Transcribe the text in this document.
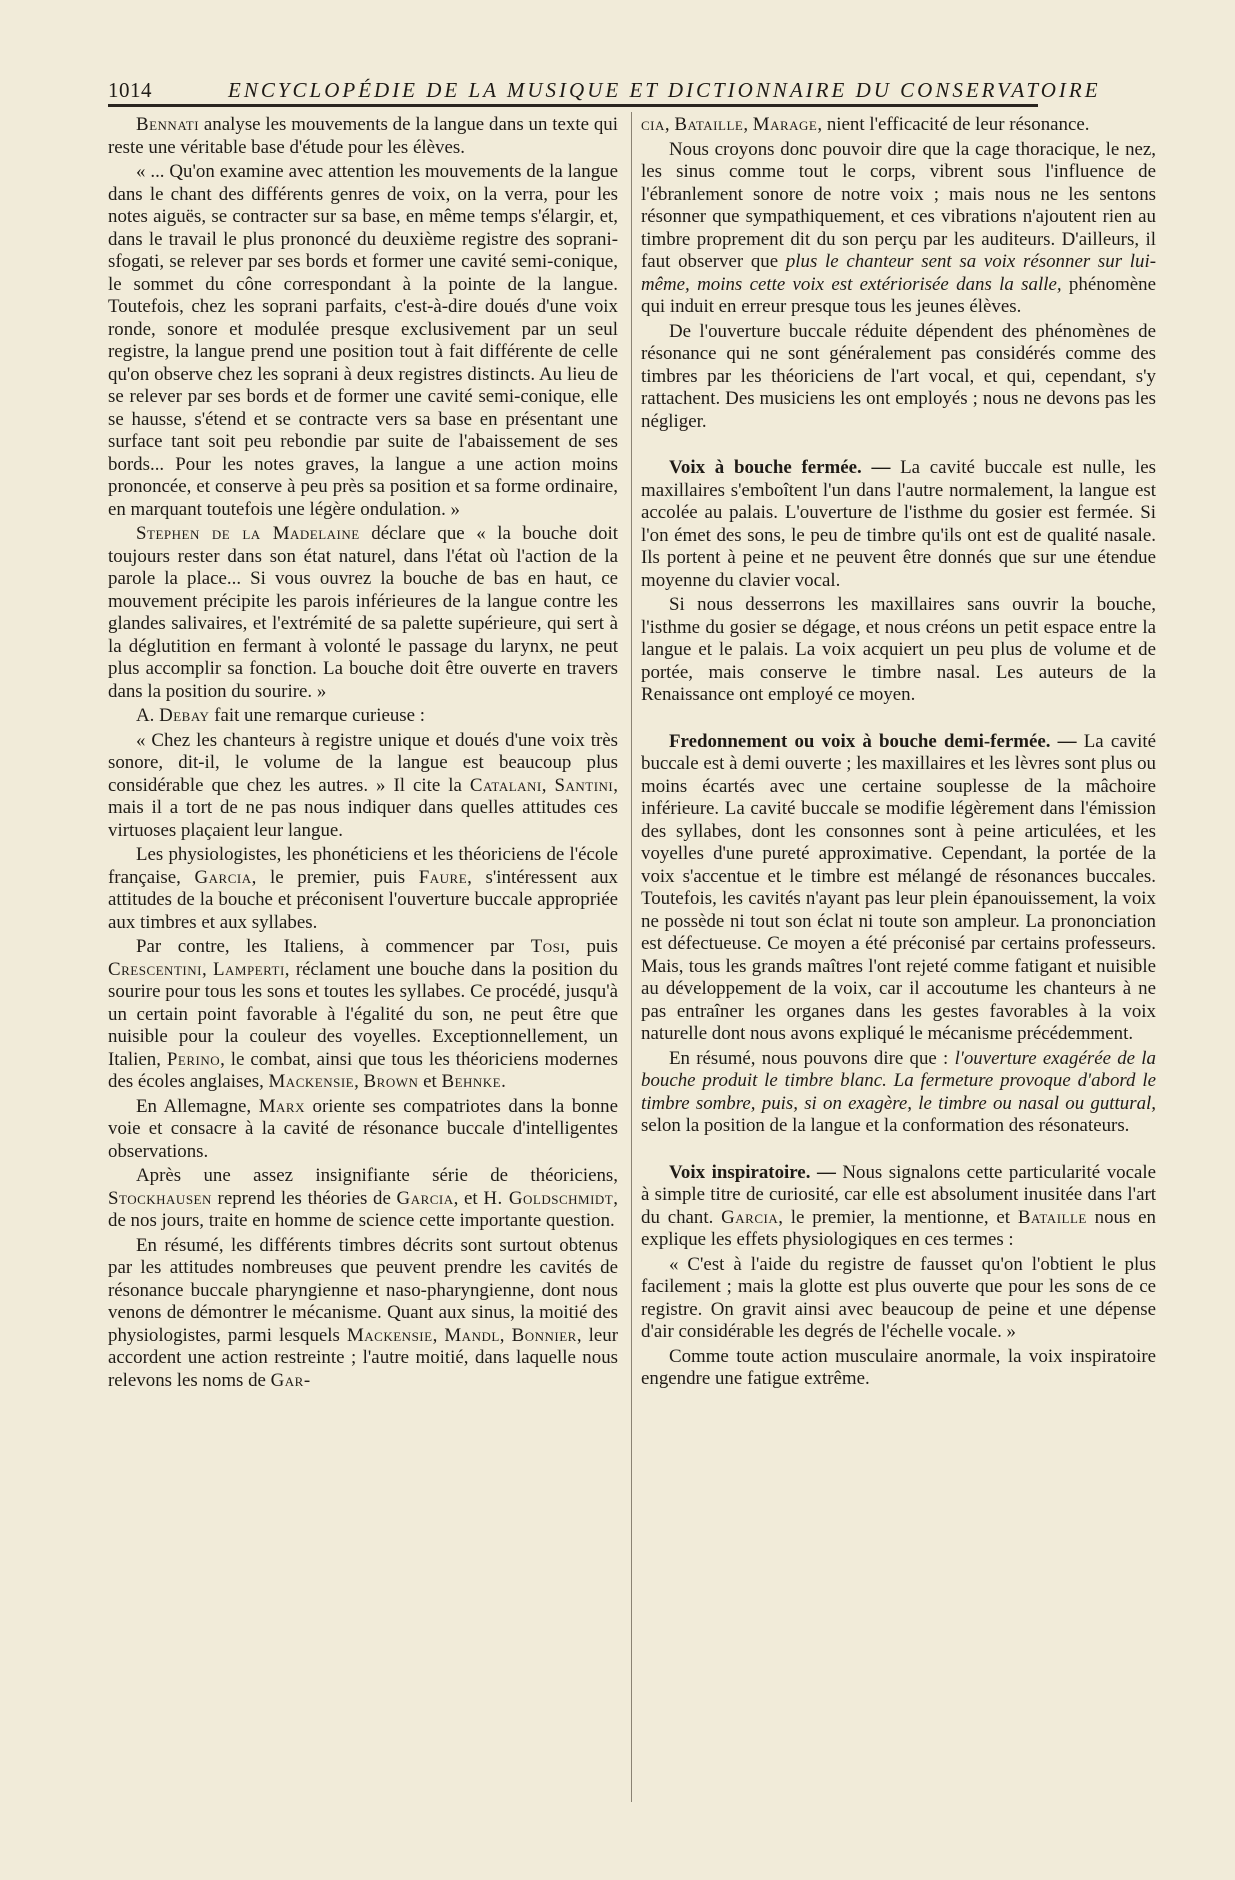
1014	ENCYCLOPÉDIE DE LA MUSIQUE ET DICTIONNAIRE DU CONSERVATOIRE

Bennati analyse les mouvements de la langue dans un texte qui reste une véritable base d'étude pour les élèves.

« ... Qu'on examine avec attention les mouvements de la langue dans le chant des différents genres de voix, on la verra, pour les notes aiguës, se contracter sur sa base, en même temps s'élargir, et, dans le travail le plus prononcé du deuxième registre des soprani-sfogati, se relever par ses bords et former une cavité semi-conique, le sommet du cône correspondant à la pointe de la langue. Toutefois, chez les soprani parfaits, c'est-à-dire doués d'une voix ronde, sonore et modulée presque exclusivement par un seul registre, la langue prend une position tout à fait différente de celle qu'on observe chez les soprani à deux registres distincts. Au lieu de se relever par ses bords et de former une cavité semi-conique, elle se hausse, s'étend et se contracte vers sa base en présentant une surface tant soit peu rebondie par suite de l'abaissement de ses bords... Pour les notes graves, la langue a une action moins prononcée, et conserve à peu près sa position et sa forme ordinaire, en marquant toutefois une légère ondulation. »

Stephen de la Madelaine déclare que « la bouche doit toujours rester dans son état naturel, dans l'état où l'action de la parole la place... Si vous ouvrez la bouche de bas en haut, ce mouvement précipite les parois inférieures de la langue contre les glandes salivaires, et l'extrémité de sa palette supérieure, qui sert à la déglutition en fermant à volonté le passage du larynx, ne peut plus accomplir sa fonction. La bouche doit être ouverte en travers dans la position du sourire. »

A. Debay fait une remarque curieuse :

« Chez les chanteurs à registre unique et doués d'une voix très sonore, dit-il, le volume de la langue est beaucoup plus considérable que chez les autres. » Il cite la Catalani, Santini, mais il a tort de ne pas nous indiquer dans quelles attitudes ces virtuoses plaçaient leur langue.

Les physiologistes, les phonéticiens et les théoriciens de l'école française, Garcia, le premier, puis Faure, s'intéressent aux attitudes de la bouche et préconisent l'ouverture buccale appropriée aux timbres et aux syllabes.

Par contre, les Italiens, à commencer par Tosi, puis Crescentini, Lamperti, réclament une bouche dans la position du sourire pour tous les sons et toutes les syllabes. Ce procédé, jusqu'à un certain point favorable à l'égalité du son, ne peut être que nuisible pour la couleur des voyelles. Exceptionnellement, un Italien, Perino, le combat, ainsi que tous les théoriciens modernes des écoles anglaises, Mackensie, Brown et Behnke.

En Allemagne, Marx oriente ses compatriotes dans la bonne voie et consacre à la cavité de résonance buccale d'intelligentes observations.

Après une assez insignifiante série de théoriciens, Stockhausen reprend les théories de Garcia, et H. Goldschmidt, de nos jours, traite en homme de science cette importante question.

En résumé, les différents timbres décrits sont surtout obtenus par les attitudes nombreuses que peuvent prendre les cavités de résonance buccale pharyngienne et naso-pharyngienne, dont nous venons de démontrer le mécanisme. Quant aux sinus, la moitié des physiologistes, parmi lesquels Mackensie, Mandl, Bonnier, leur accordent une action restreinte ; l'autre moitié, dans laquelle nous relevons les noms de Gar-

cia, Bataille, Marage, nient l'efficacité de leur résonance.

Nous croyons donc pouvoir dire que la cage thoracique, le nez, les sinus comme tout le corps, vibrent sous l'influence de l'ébranlement sonore de notre voix ; mais nous ne les sentons résonner que sympathiquement, et ces vibrations n'ajoutent rien au timbre proprement dit du son perçu par les auditeurs. D'ailleurs, il faut observer que plus le chanteur sent sa voix résonner sur lui-même, moins cette voix est extériorisée dans la salle, phénomène qui induit en erreur presque tous les jeunes élèves.

De l'ouverture buccale réduite dépendent des phénomènes de résonance qui ne sont généralement pas considérés comme des timbres par les théoriciens de l'art vocal, et qui, cependant, s'y rattachent. Des musiciens les ont employés ; nous ne devons pas les négliger.

Voix à bouche fermée. — La cavité buccale est nulle, les maxillaires s'emboîtent l'un dans l'autre normalement, la langue est accolée au palais. L'ouverture de l'isthme du gosier est fermée. Si l'on émet des sons, le peu de timbre qu'ils ont est de qualité nasale. Ils portent à peine et ne peuvent être donnés que sur une étendue moyenne du clavier vocal.

Si nous desserrons les maxillaires sans ouvrir la bouche, l'isthme du gosier se dégage, et nous créons un petit espace entre la langue et le palais. La voix acquiert un peu plus de volume et de portée, mais conserve le timbre nasal. Les auteurs de la Renaissance ont employé ce moyen.

Fredonnement ou voix à bouche demi-fermée. — La cavité buccale est à demi ouverte ; les maxillaires et les lèvres sont plus ou moins écartés avec une certaine souplesse de la mâchoire inférieure. La cavité buccale se modifie légèrement dans l'émission des syllabes, dont les consonnes sont à peine articulées, et les voyelles d'une pureté approximative. Cependant, la portée de la voix s'accentue et le timbre est mélangé de résonances buccales. Toutefois, les cavités n'ayant pas leur plein épanouissement, la voix ne possède ni tout son éclat ni toute son ampleur. La prononciation est défectueuse. Ce moyen a été préconisé par certains professeurs. Mais, tous les grands maîtres l'ont rejeté comme fatigant et nuisible au développement de la voix, car il accoutume les chanteurs à ne pas entraîner les organes dans les gestes favorables à la voix naturelle dont nous avons expliqué le mécanisme précédemment.

En résumé, nous pouvons dire que : l'ouverture exagérée de la bouche produit le timbre blanc. La fermeture provoque d'abord le timbre sombre, puis, si on exagère, le timbre ou nasal ou guttural, selon la position de la langue et la conformation des résonateurs.

Voix inspiratoire. — Nous signalons cette particularité vocale à simple titre de curiosité, car elle est absolument inusitée dans l'art du chant. Garcia, le premier, la mentionne, et Bataille nous en explique les effets physiologiques en ces termes :

« C'est à l'aide du registre de fausset qu'on l'obtient le plus facilement ; mais la glotte est plus ouverte que pour les sons de ce registre. On gravit ainsi avec beaucoup de peine et une dépense d'air considérable les degrés de l'échelle vocale. »

Comme toute action musculaire anormale, la voix inspiratoire engendre une fatigue extrême.
